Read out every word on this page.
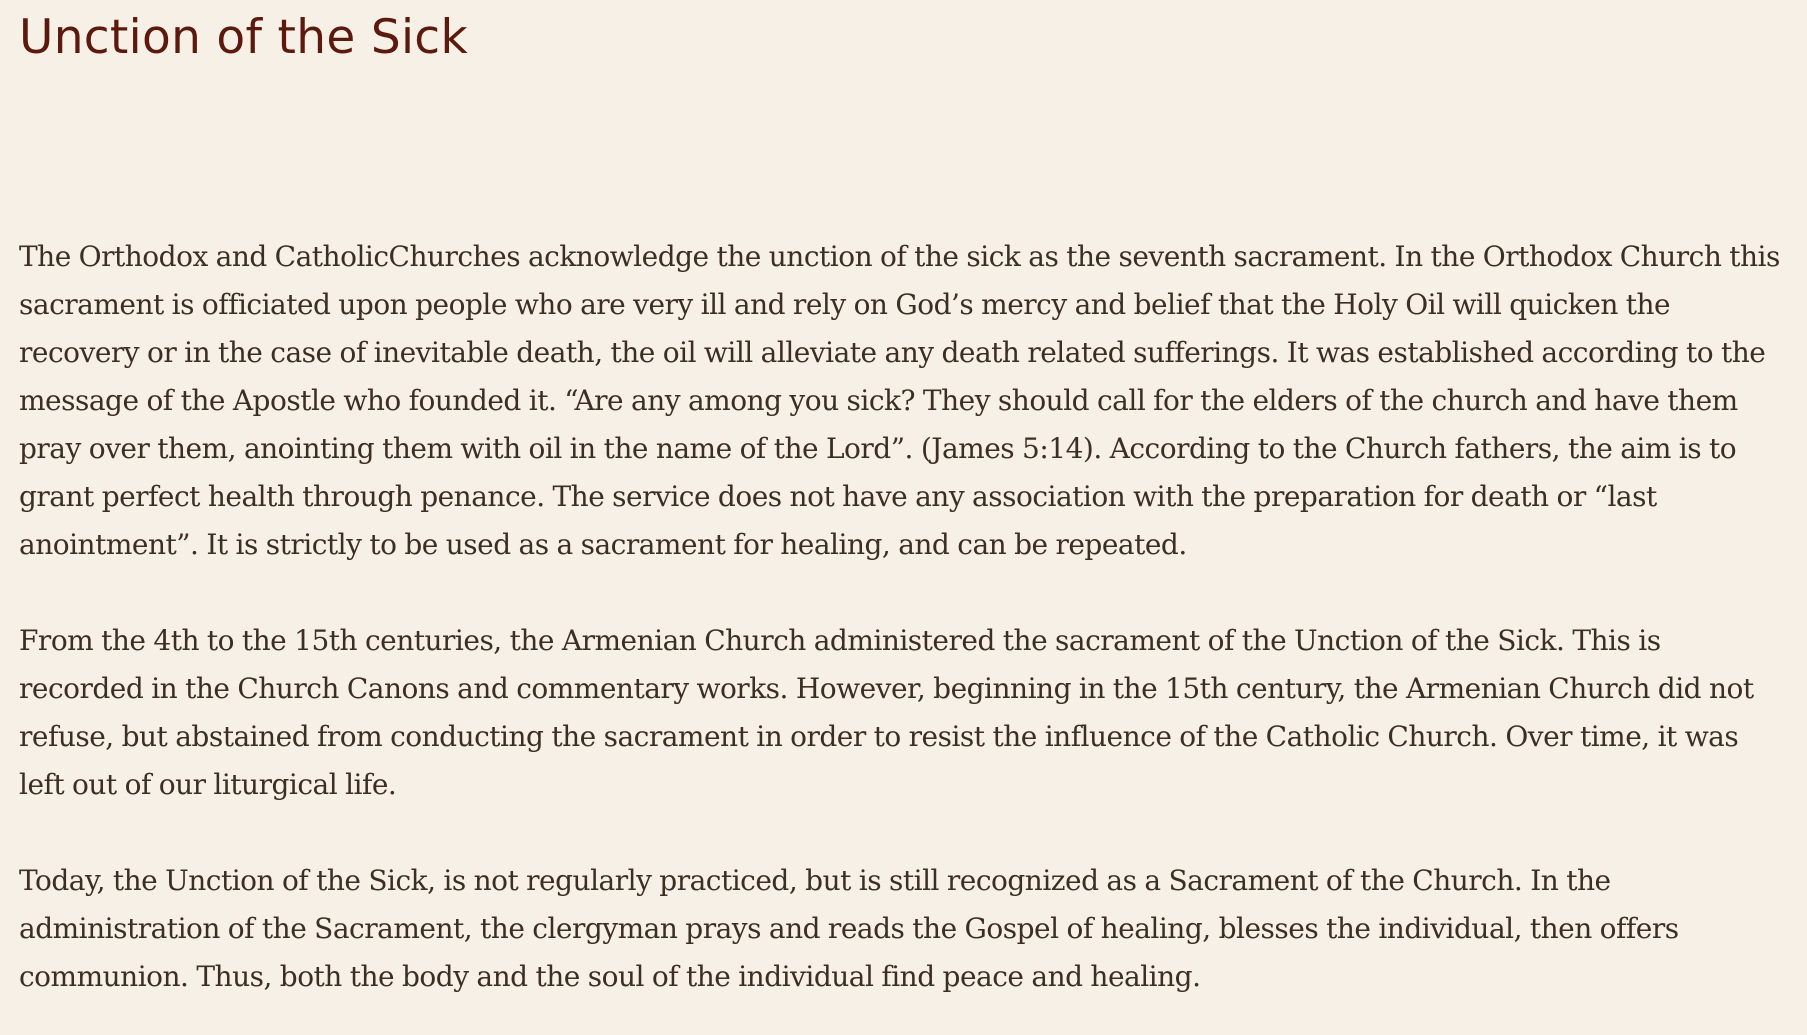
Unction of the Sick

The Orthodox and CatholicChurches acknowledge the unction of the sick as the seventh sacrament. In the Orthodox Church this sacrament is officiated upon people who are very ill and rely on God’s mercy and belief that the Holy Oil will quicken the recovery or in the case of inevitable death, the oil will alleviate any death related sufferings. It was established according to the message of the Apostle who founded it. “Are any among you sick? They should call for the elders of the church and have them pray over them, anointing them with oil in the name of the Lord”. (James 5:14). According to the Church fathers, the aim is to grant perfect health through penance. The service does not have any association with the preparation for death or “last anointment”. It is strictly to be used as a sacrament for healing, and can be repeated.

From the 4th to the 15th centuries, the Armenian Church administered the sacrament of the Unction of the Sick. This is recorded in the Church Canons and commentary works. However, beginning in the 15th century, the Armenian Church did not refuse, but abstained from conducting the sacrament in order to resist the influence of the Catholic Church. Over time, it was left out of our liturgical life.

Today, the Unction of the Sick, is not regularly practiced, but is still recognized as a Sacrament of the Church. In the administration of the Sacrament, the clergyman prays and reads the Gospel of healing, blesses the individual, then offers communion. Thus, both the body and the soul of the individual find peace and healing.
